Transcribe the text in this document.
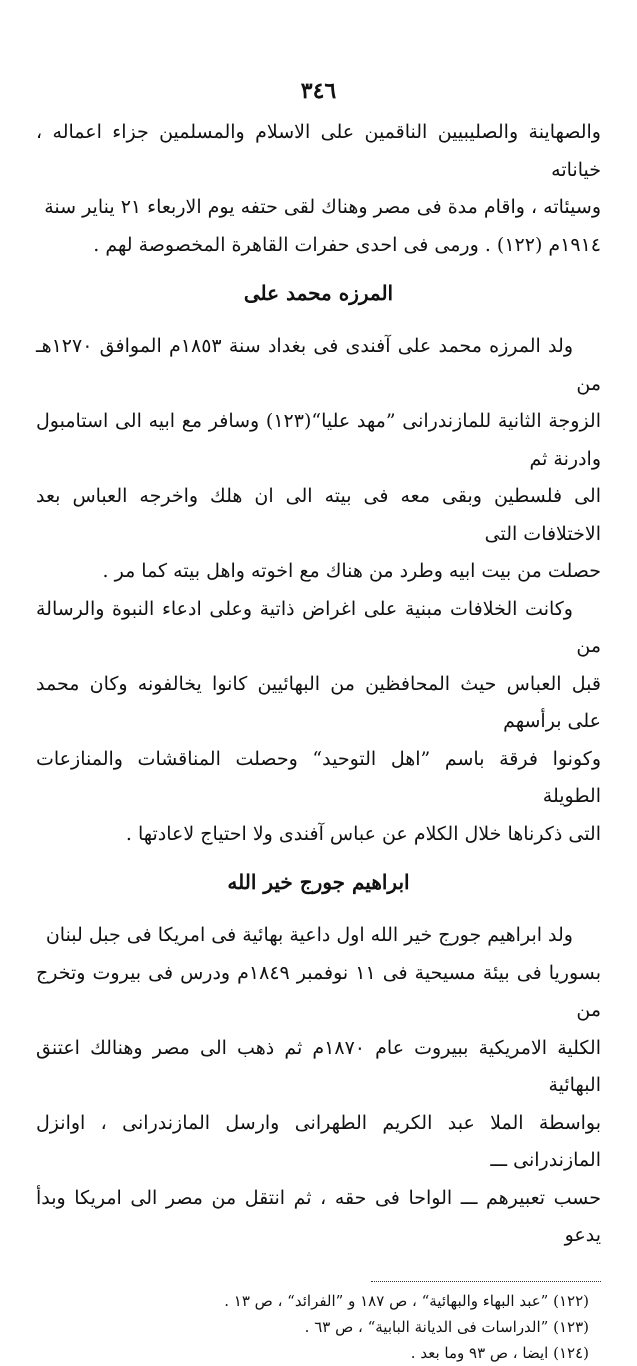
٣٤٦

والصهاينة والصليبيين الناقمين على الاسلام والمسلمين جزاء اعماله ، خياناته

وسيئاته ، واقام مدة فى مصر وهناك لقى حتفه يوم الاربعاء ٢١ يناير سنة

١٩١٤م (١٢٢) . ورمى فى احدى حفرات القاهرة المخصوصة لهم .

المرزه محمد على

ولد المرزه محمد على آفندى فى بغداد سنة ١٨٥٣م الموافق ١٢٧٠هـ من

الزوجة الثانية للمازندرانى ”مهد عليا“(١٢٣) وسافر مع ابيه الى استامبول وادرنة ثم

الى فلسطين وبقى معه فى بيته الى ان هلك واخرجه العباس بعد الاختلافات التى

حصلت من بيت ابيه وطرد من هناك مع اخوته واهل بيته كما مر .

وكانت الخلافات مبنية على اغراض ذاتية وعلى ادعاء النبوة والرسالة من

قبل العباس حيث المحافظين من البهائيين كانوا يخالفونه وكان محمد على برأسهم

وكونوا فرقة باسم ”اهل التوحيد“ وحصلت المناقشات والمنازعات الطويلة

التى ذكرناها خلال الكلام عن عباس آفندى ولا احتياج لاعادتها .

ابراهيم جورج خير الله

ولد ابراهيم جورج خير الله اول داعية بهائية فى امريكا فى جبل لبنان

بسوريا فى بيئة مسيحية فى ١١ نوفمبر ١٨٤٩م ودرس فى بيروت وتخرج من

الكلية الامريكية ببيروت عام ١٨٧٠م ثم ذهب الى مصر وهنالك اعتنق البهائية

بواسطة الملا عبد الكريم الطهرانى وارسل المازندرانى ، اوانزل المازندرانى ـــ

حسب تعبيرهم ـــ الواحا فى حقه ، ثم انتقل من مصر الى امريكا وبدأ يدعو

(١٢٢) ”عبد البهاء والبهائية“ ، ص ١٨٧ و ”الفرائد“ ، ص ١٣ .
(١٢٣) ”الدراسات فى الديانة البابية“ ، ص ٦٣ .
(١٢٤) ايضا ، ص ٩٣ وما بعد .
